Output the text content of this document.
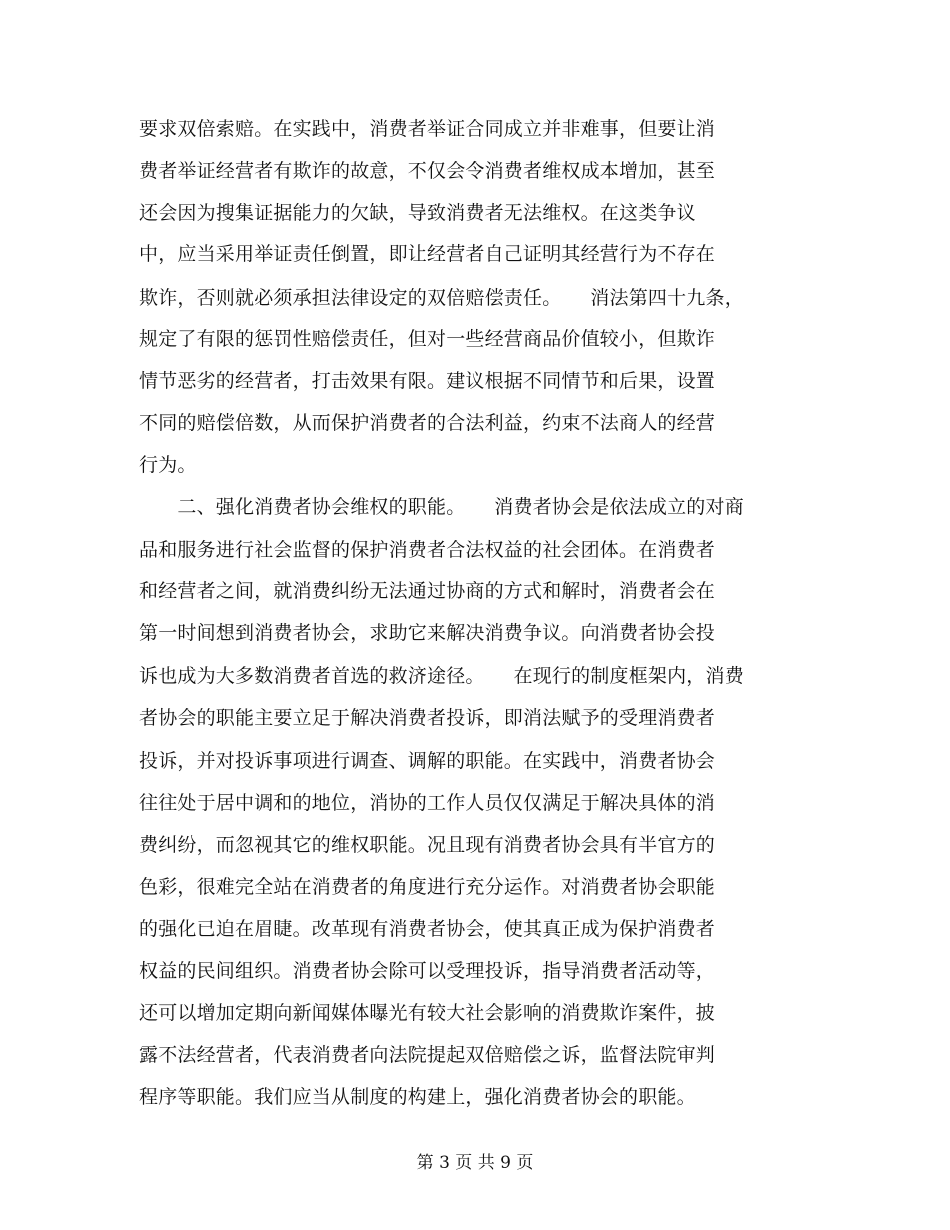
要求双倍索赔。在实践中，消费者举证合同成立并非难事，但要让消
费者举证经营者有欺诈的故意，不仅会令消费者维权成本增加，甚至
还会因为搜集证据能力的欠缺，导致消费者无法维权。在这类争议
中，应当采用举证责任倒置，即让经营者自己证明其经营行为不存在
欺诈，否则就必须承担法律设定的双倍赔偿责任。　　消法第四十九条，
规定了有限的惩罚性赔偿责任，但对一些经营商品价值较小，但欺诈
情节恶劣的经营者，打击效果有限。建议根据不同情节和后果，设置
不同的赔偿倍数，从而保护消费者的合法利益，约束不法商人的经营
行为。
　　二、强化消费者协会维权的职能。　　消费者协会是依法成立的对商
品和服务进行社会监督的保护消费者合法权益的社会团体。在消费者
和经营者之间，就消费纠纷无法通过协商的方式和解时，消费者会在
第一时间想到消费者协会，求助它来解决消费争议。向消费者协会投
诉也成为大多数消费者首选的救济途径。　　在现行的制度框架内，消费
者协会的职能主要立足于解决消费者投诉，即消法赋予的受理消费者
投诉，并对投诉事项进行调查、调解的职能。在实践中，消费者协会
往往处于居中调和的地位，消协的工作人员仅仅满足于解决具体的消
费纠纷，而忽视其它的维权职能。况且现有消费者协会具有半官方的
色彩，很难完全站在消费者的角度进行充分运作。对消费者协会职能
的强化已迫在眉睫。改革现有消费者协会，使其真正成为保护消费者
权益的民间组织。消费者协会除可以受理投诉，指导消费者活动等，
还可以增加定期向新闻媒体曝光有较大社会影响的消费欺诈案件，披
露不法经营者，代表消费者向法院提起双倍赔偿之诉，监督法院审判
程序等职能。我们应当从制度的构建上，强化消费者协会的职能。
第 3 页 共 9 页
